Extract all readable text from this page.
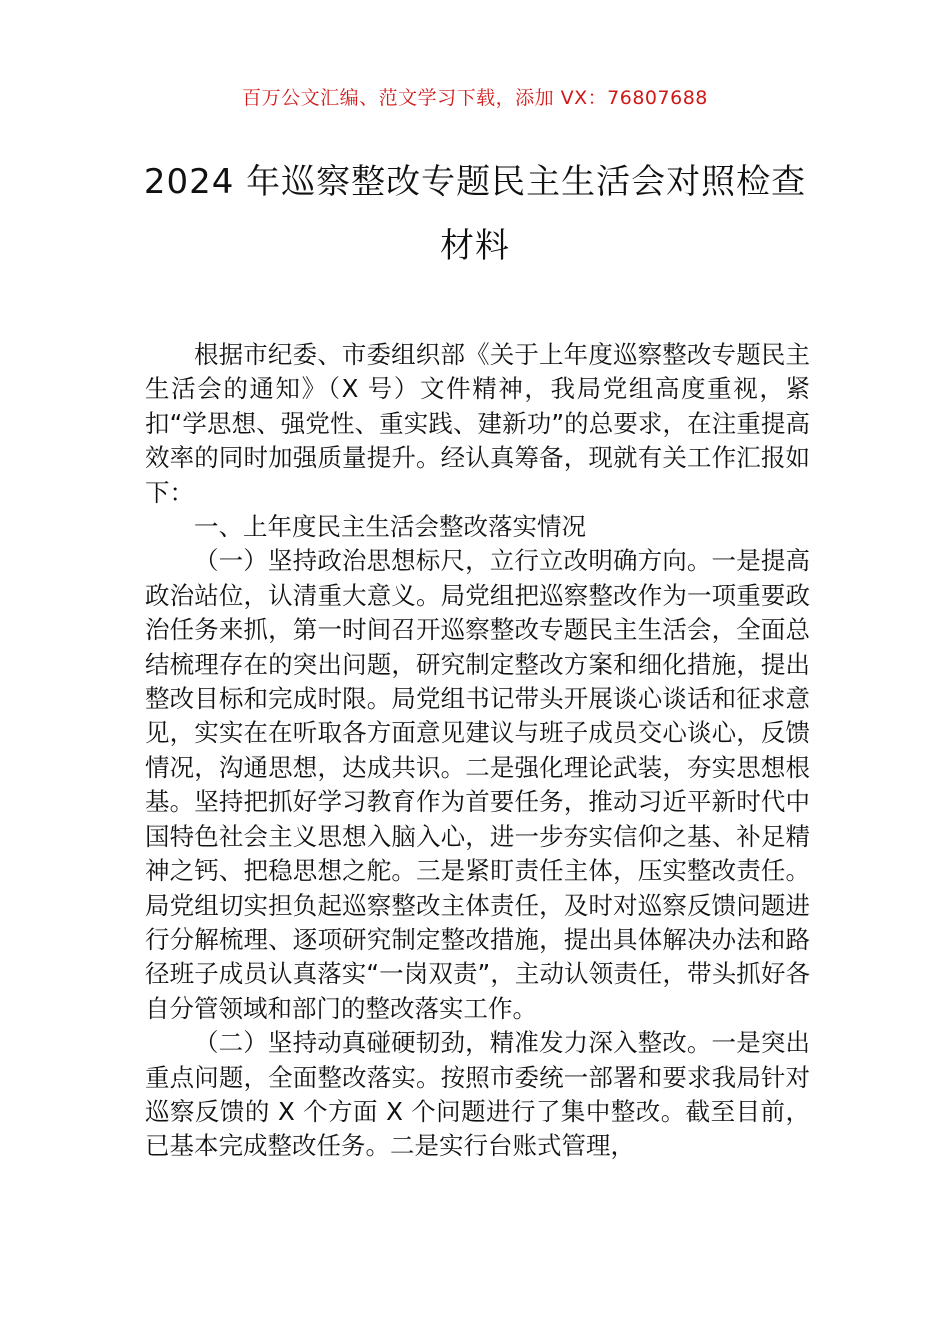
百万公文汇编、范文学习下载，添加 VX：76807688
2024 年巡察整改专题民主生活会对照检查
材料

根据市纪委、市委组织部《关于上年度巡察整改专题民主生活会的通知》（X 号）文件精神，我局党组高度重视，紧扣“学思想、强党性、重实践、建新功”的总要求，在注重提高效率的同时加强质量提升。经认真筹备，现就有关工作汇报如下：

一、上年度民主生活会整改落实情况

（一）坚持政治思想标尺，立行立改明确方向。一是提高政治站位，认清重大意义。局党组把巡察整改作为一项重要政治任务来抓，第一时间召开巡察整改专题民主生活会，全面总结梳理存在的突出问题，研究制定整改方案和细化措施，提出整改目标和完成时限。局党组书记带头开展谈心谈话和征求意见，实实在在听取各方面意见建议与班子成员交心谈心，反馈情况，沟通思想，达成共识。二是强化理论武装，夯实思想根基。坚持把抓好学习教育作为首要任务，推动习近平新时代中国特色社会主义思想入脑入心，进一步夯实信仰之基、补足精神之钙、把稳思想之舵。三是紧盯责任主体，压实整改责任。局党组切实担负起巡察整改主体责任，及时对巡察反馈问题进行分解梳理、逐项研究制定整改措施，提出具体解决办法和路径班子成员认真落实“一岗双责”，主动认领责任，带头抓好各自分管领域和部门的整改落实工作。

（二）坚持动真碰硬韧劲，精准发力深入整改。一是突出重点问题，全面整改落实。按照市委统一部署和要求我局针对巡察反馈的 X 个方面 X 个问题进行了集中整改。截至目前，已基本完成整改任务。二是实行台账式管理，
